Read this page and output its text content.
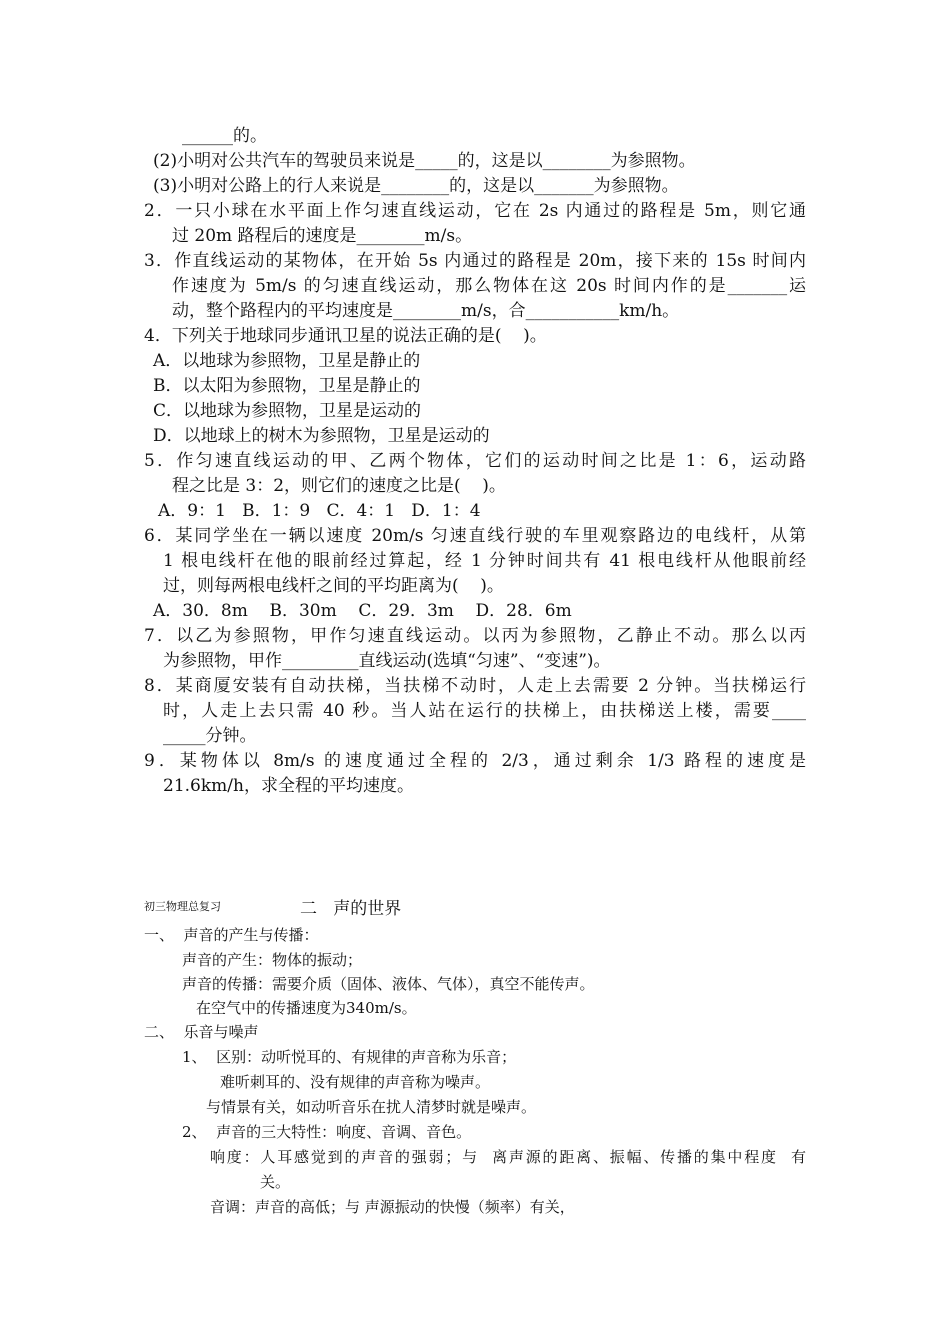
______的。
(2)小明对公共汽车的驾驶员来说是_____的，这是以________为参照物。
(3)小明对公路上的行人来说是________的，这是以_______为参照物。
2．一只小球在水平面上作匀速直线运动，它在 2s 内通过的路程是 5m，则它通
过 20m 路程后的速度是________m/s。
3．作直线运动的某物体，在开始 5s 内通过的路程是 20m，接下来的 15s 时间内
作速度为 5m/s 的匀速直线运动，那么物体在这 20s 时间内作的是_______运
动，整个路程内的平均速度是________m/s，合___________km/h。
4．下列关于地球同步通讯卫星的说法正确的是(    )。
A．以地球为参照物，卫星是静止的
B．以太阳为参照物，卫星是静止的
C．以地球为参照物，卫星是运动的
D．以地球上的树木为参照物，卫星是运动的
5．作匀速直线运动的甲、乙两个物体，它们的运动时间之比是 1：6，运动路
程之比是 3：2，则它们的速度之比是(    )。
A．9：1   B．1：9   C．4：1   D．1：4
6．某同学坐在一辆以速度 20m/s 匀速直线行驶的车里观察路边的电线杆，从第
1 根电线杆在他的眼前经过算起，经 1 分钟时间共有 41 根电线杆从他眼前经
过，则每两根电线杆之间的平均距离为(    )。
A．30．8m    B．30m    C．29．3m    D．28．6m
7．以乙为参照物，甲作匀速直线运动。以丙为参照物，乙静止不动。那么以丙
为参照物，甲作_________直线运动(选填“匀速”、“变速”)。
8．某商厦安装有自动扶梯，当扶梯不动时，人走上去需要 2 分钟。当扶梯运行
时，人走上去只需 40 秒。当人站在运行的扶梯上，由扶梯送上楼，需要____
_____分钟。
9．某物体以 8m/s 的速度通过全程的 2/3，通过剩余 1/3 路程的速度是
21.6km/h，求全程的平均速度。
初三物理总复习	二   声的世界
一、  声音的产生与传播：
声音的产生：物体的振动；
声音的传播：需要介质（固体、液体、气体），真空不能传声。
在空气中的传播速度为340m/s。
二、  乐音与噪声
1、  区别：动听悦耳的、有规律的声音称为乐音；
难听刺耳的、没有规律的声音称为噪声。
与情景有关，如动听音乐在扰人清梦时就是噪声。
2、  声音的三大特性：响度、音调、音色。
响度：人耳感觉到的声音的强弱；与  离声源的距离、振幅、传播的集中程度  有
关。
音调：声音的高低；与 声源振动的快慢（频率）有关，
